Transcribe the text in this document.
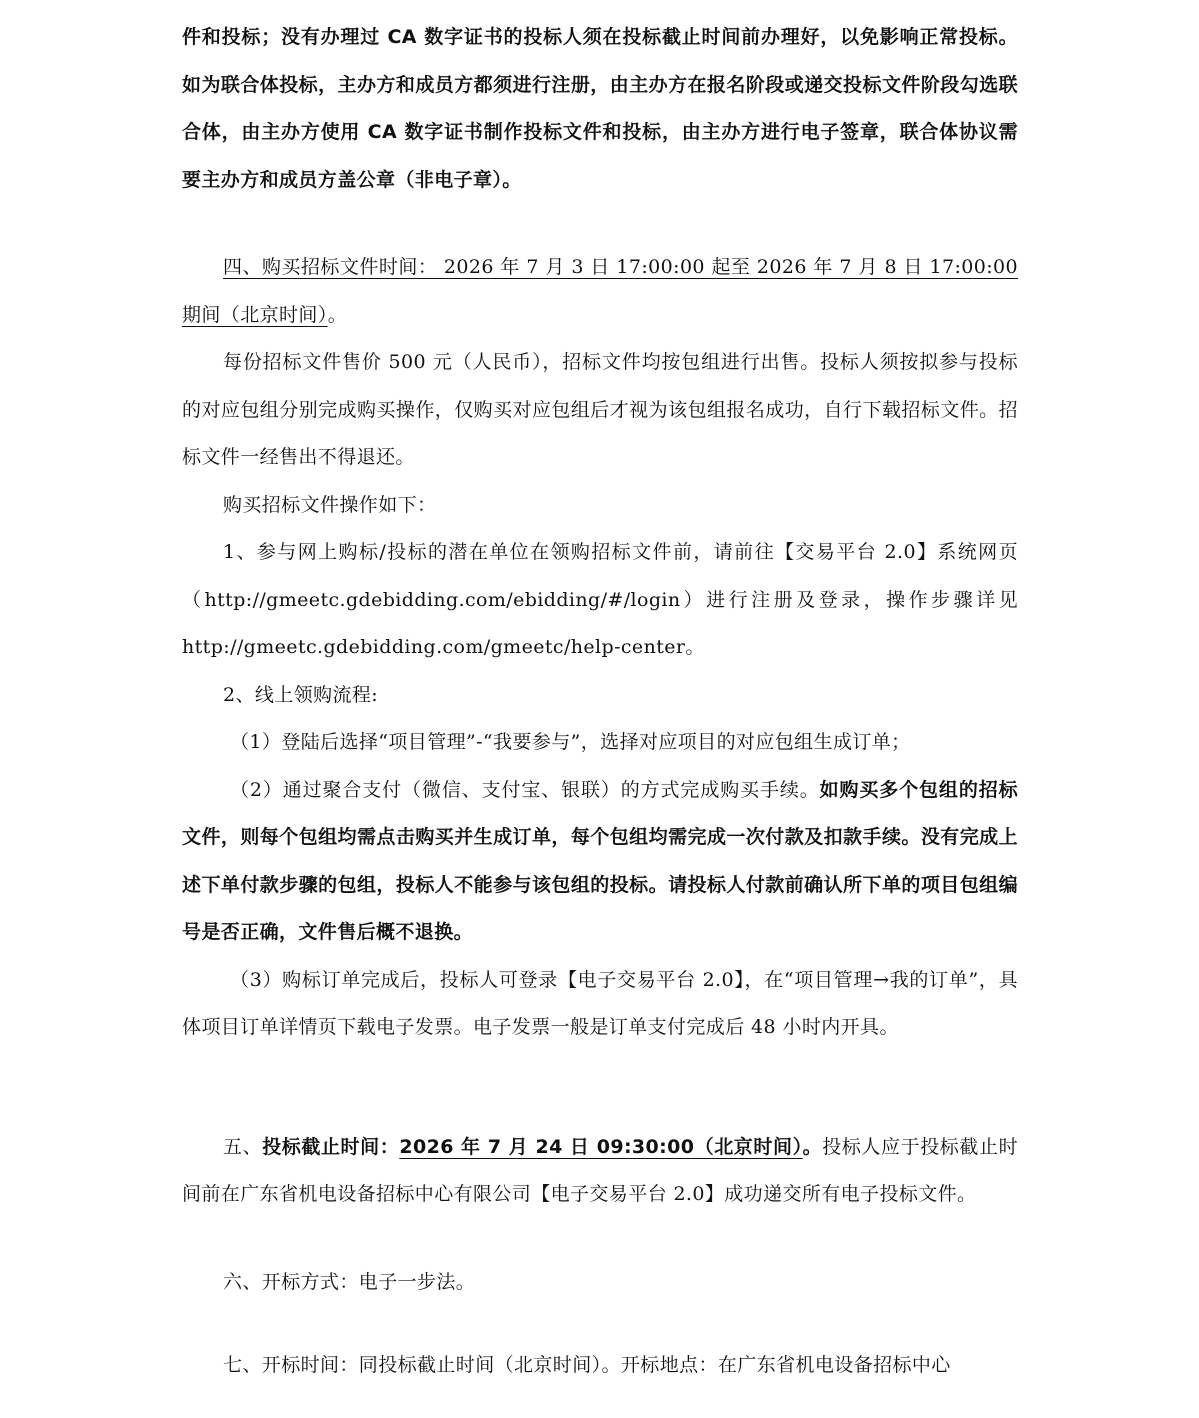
件和投标；没有办理过 CA 数字证书的投标人须在投标截止时间前办理好，以免影响正常投标。如为联合体投标，主办方和成员方都须进行注册，由主办方在报名阶段或递交投标文件阶段勾选联合体，由主办方使用 CA 数字证书制作投标文件和投标，由主办方进行电子签章，联合体协议需要主办方和成员方盖公章（非电子章）。

四、购买招标文件时间： 2026 年 7 月 3 日 17:00:00 起至 2026 年 7 月 8 日 17:00:00 期间（北京时间）。

每份招标文件售价 500 元（人民币），招标文件均按包组进行出售。投标人须按拟参与投标的对应包组分别完成购买操作，仅购买对应包组后才视为该包组报名成功，自行下载招标文件。招标文件一经售出不得退还。

购买招标文件操作如下：

1、参与网上购标/投标的潜在单位在领购招标文件前，请前往【交易平台 2.0】系统网页（http://gmeetc.gdebidding.com/ebidding/#/login）进行注册及登录，操作步骤详见 http://gmeetc.gdebidding.com/gmeetc/help-center。

2、线上领购流程:

（1）登陆后选择“项目管理”-“我要参与”，选择对应项目的对应包组生成订单；

（2）通过聚合支付（微信、支付宝、银联）的方式完成购买手续。如购买多个包组的招标文件，则每个包组均需点击购买并生成订单，每个包组均需完成一次付款及扣款手续。没有完成上述下单付款步骤的包组，投标人不能参与该包组的投标。请投标人付款前确认所下单的项目包组编号是否正确，文件售后概不退换。

（3）购标订单完成后，投标人可登录【电子交易平台 2.0】，在“项目管理→我的订单”，具体项目订单详情页下载电子发票。电子发票一般是订单支付完成后 48 小时内开具。

五、投标截止时间：2026 年 7 月 24 日 09:30:00（北京时间）。投标人应于投标截止时间前在广东省机电设备招标中心有限公司【电子交易平台 2.0】成功递交所有电子投标文件。

六、开标方式：电子一步法。

七、开标时间：同投标截止时间（北京时间）。开标地点：在广东省机电设备招标中心
